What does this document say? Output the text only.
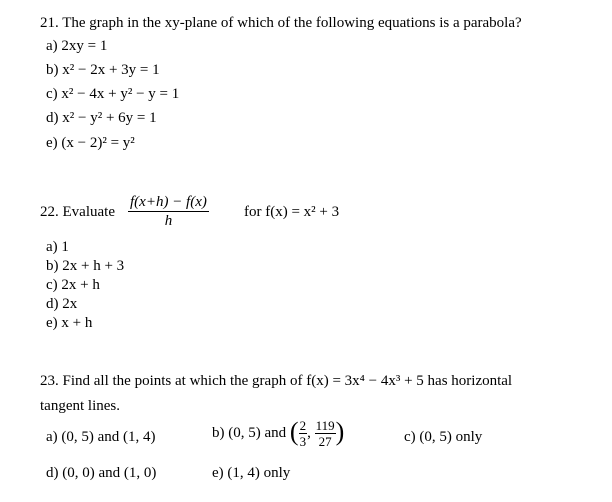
21. The graph in the xy-plane of which of the following equations is a parabola?
a) 2xy = 1
b) x² − 2x + 3y = 1
c) x² − 4x + y² − y = 1
d) x² − y² + 6y = 1
e) (x − 2)² = y²
22. Evaluate $\frac{f(x+h) - f(x)}{h}$ for f(x) = x² + 3
a) 1
b) 2x + h + 3
c) 2x + h
d) 2x
e) x + h
23. Find all the points at which the graph of f(x) = 3x⁴ − 4x³ + 5 has horizontal
tangent lines.
a) (0, 5) and (1, 4)	b) (0, 5) and ( $\frac{2}{3}$ , $\frac{119}{27}$ )	c) (0, 5) only
d) (0, 0) and (1, 0)	e) (1, 4) only
